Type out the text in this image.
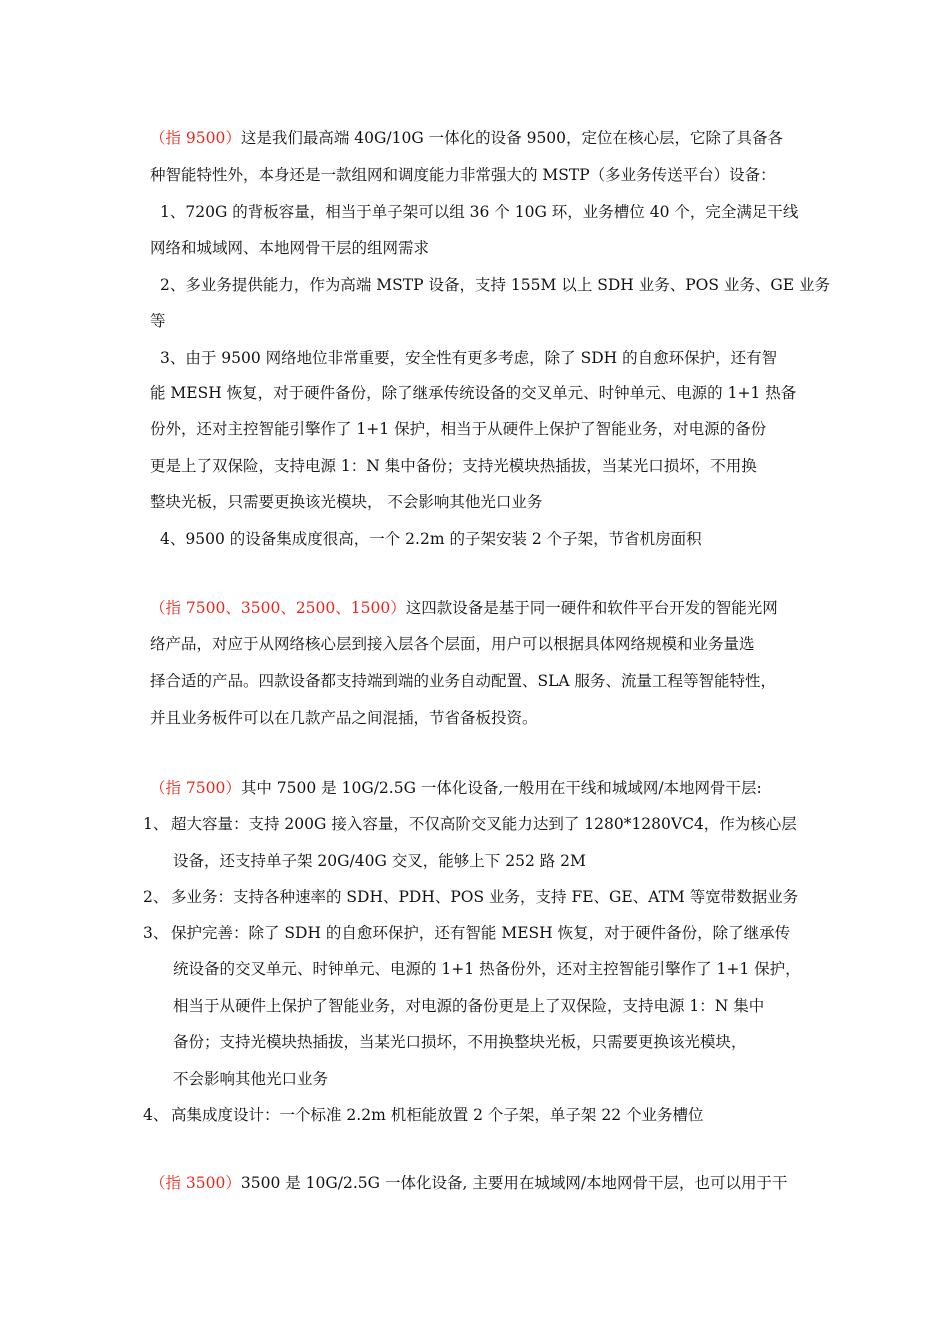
（指 9500）这是我们最高端 40G/10G 一体化的设备 9500，定位在核心层，它除了具备各
种智能特性外，本身还是一款组网和调度能力非常强大的 MSTP（多业务传送平台）设备：
1、720G 的背板容量，相当于单子架可以组 36 个 10G 环，业务槽位 40 个，完全满足干线
网络和城域网、本地网骨干层的组网需求
2、多业务提供能力，作为高端 MSTP 设备，支持 155M 以上 SDH 业务、POS 业务、GE 业务
等
3、由于 9500 网络地位非常重要，安全性有更多考虑，除了 SDH 的自愈环保护，还有智
能 MESH 恢复，对于硬件备份，除了继承传统设备的交叉单元、时钟单元、电源的 1+1 热备
份外，还对主控智能引擎作了 1+1 保护，相当于从硬件上保护了智能业务，对电源的备份
更是上了双保险，支持电源 1：N 集中备份；支持光模块热插拔，当某光口损坏，不用换
整块光板，只需要更换该光模块， 不会影响其他光口业务
4、9500 的设备集成度很高，一个 2.2m 的子架安装 2 个子架，节省机房面积
（指 7500、3500、2500、1500）这四款设备是基于同一硬件和软件平台开发的智能光网
络产品，对应于从网络核心层到接入层各个层面，用户可以根据具体网络规模和业务量选
择合适的产品。四款设备都支持端到端的业务自动配置、SLA 服务、流量工程等智能特性，
并且业务板件可以在几款产品之间混插，节省备板投资。
（指 7500）其中 7500 是 10G/2.5G 一体化设备,一般用在干线和城域网/本地网骨干层:
1、 超大容量：支持 200G 接入容量，不仅高阶交叉能力达到了 1280*1280VC4，作为核心层
设备，还支持单子架 20G/40G 交叉，能够上下 252 路 2M
2、 多业务：支持各种速率的 SDH、PDH、POS 业务，支持 FE、GE、ATM 等宽带数据业务
3、 保护完善：除了 SDH 的自愈环保护，还有智能 MESH 恢复，对于硬件备份，除了继承传
统设备的交叉单元、时钟单元、电源的 1+1 热备份外，还对主控智能引擎作了 1+1 保护，
相当于从硬件上保护了智能业务，对电源的备份更是上了双保险，支持电源 1：N 集中
备份；支持光模块热插拔，当某光口损坏，不用换整块光板，只需要更换该光模块，
不会影响其他光口业务
4、 高集成度设计：一个标准 2.2m 机柜能放置 2 个子架，单子架 22 个业务槽位
（指 3500）3500 是 10G/2.5G 一体化设备, 主要用在城域网/本地网骨干层，也可以用于干
